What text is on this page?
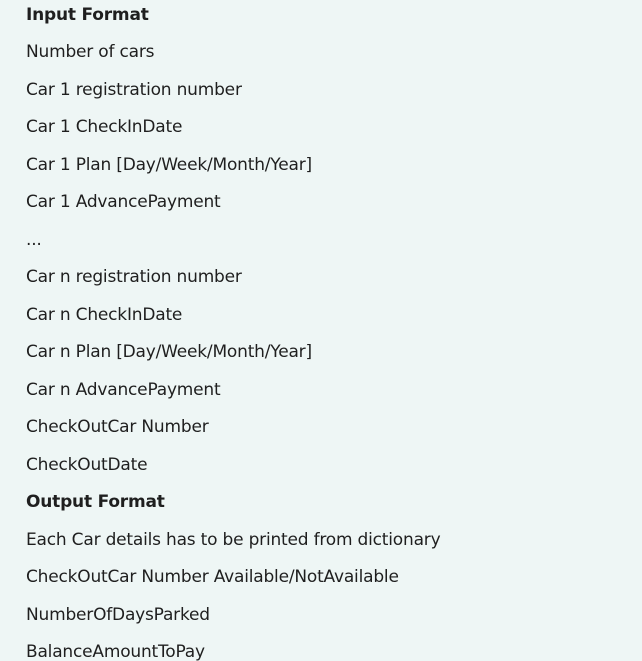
Input Format
Number of cars
Car 1 registration number
Car 1 CheckInDate
Car 1 Plan [Day/Week/Month/Year]
Car 1 AdvancePayment
...
Car n registration number
Car n CheckInDate
Car n Plan [Day/Week/Month/Year]
Car n AdvancePayment
CheckOutCar Number
CheckOutDate
Output Format
Each Car details has to be printed from dictionary
CheckOutCar Number Available/NotAvailable
NumberOfDaysParked
BalanceAmountToPay
